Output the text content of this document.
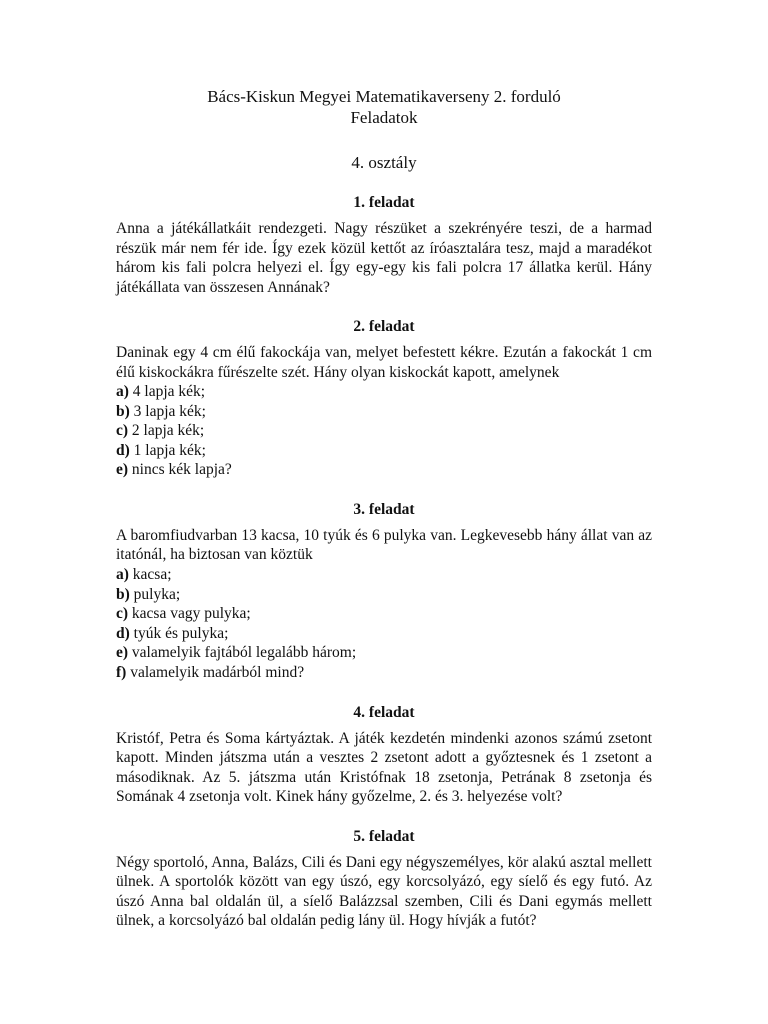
Bács-Kiskun Megyei Matematikaverseny 2. forduló

Feladatok

4. osztály

1. feladat

Anna a játékállatkáit rendezgeti. Nagy részüket a szekrényére teszi, de a harmad részük már nem fér ide. Így ezek közül kettőt az íróasztalára tesz, majd a maradékot három kis fali polcra helyezi el. Így egy-egy kis fali polcra 17 állatka kerül. Hány játékállata van összesen Annának?

2. feladat

Daninak egy 4 cm élű fakockája van, melyet befestett kékre. Ezután a fakockát 1 cm élű kiskockákra fűrészelte szét. Hány olyan kiskockát kapott, amelynek

a) 4 lapja kék;
b) 3 lapja kék;
c) 2 lapja kék;
d) 1 lapja kék;
e) nincs kék lapja?

3. feladat

A baromfiudvarban 13 kacsa, 10 tyúk és 6 pulyka van. Legkevesebb hány állat van az itatónál, ha biztosan van köztük

a) kacsa;
b) pulyka;
c) kacsa vagy pulyka;
d) tyúk és pulyka;
e) valamelyik fajtából legalább három;
f) valamelyik madárból mind?

4. feladat

Kristóf, Petra és Soma kártyáztak. A játék kezdetén mindenki azonos számú zsetont kapott. Minden játszma után a vesztes 2 zsetont adott a győztesnek és 1 zsetont a másodiknak. Az 5. játszma után Kristófnak 18 zsetonja, Petrának 8 zsetonja és Somának 4 zsetonja volt. Kinek hány győzelme, 2. és 3. helyezése volt?

5. feladat

Négy sportoló, Anna, Balázs, Cili és Dani egy négyszemélyes, kör alakú asztal mellett ülnek. A sportolók között van egy úszó, egy korcsolyázó, egy síelő és egy futó. Az úszó Anna bal oldalán ül, a síelő Balázzsal szemben, Cili és Dani egymás mellett ülnek, a korcsolyázó bal oldalán pedig lány ül. Hogy hívják a futót?
